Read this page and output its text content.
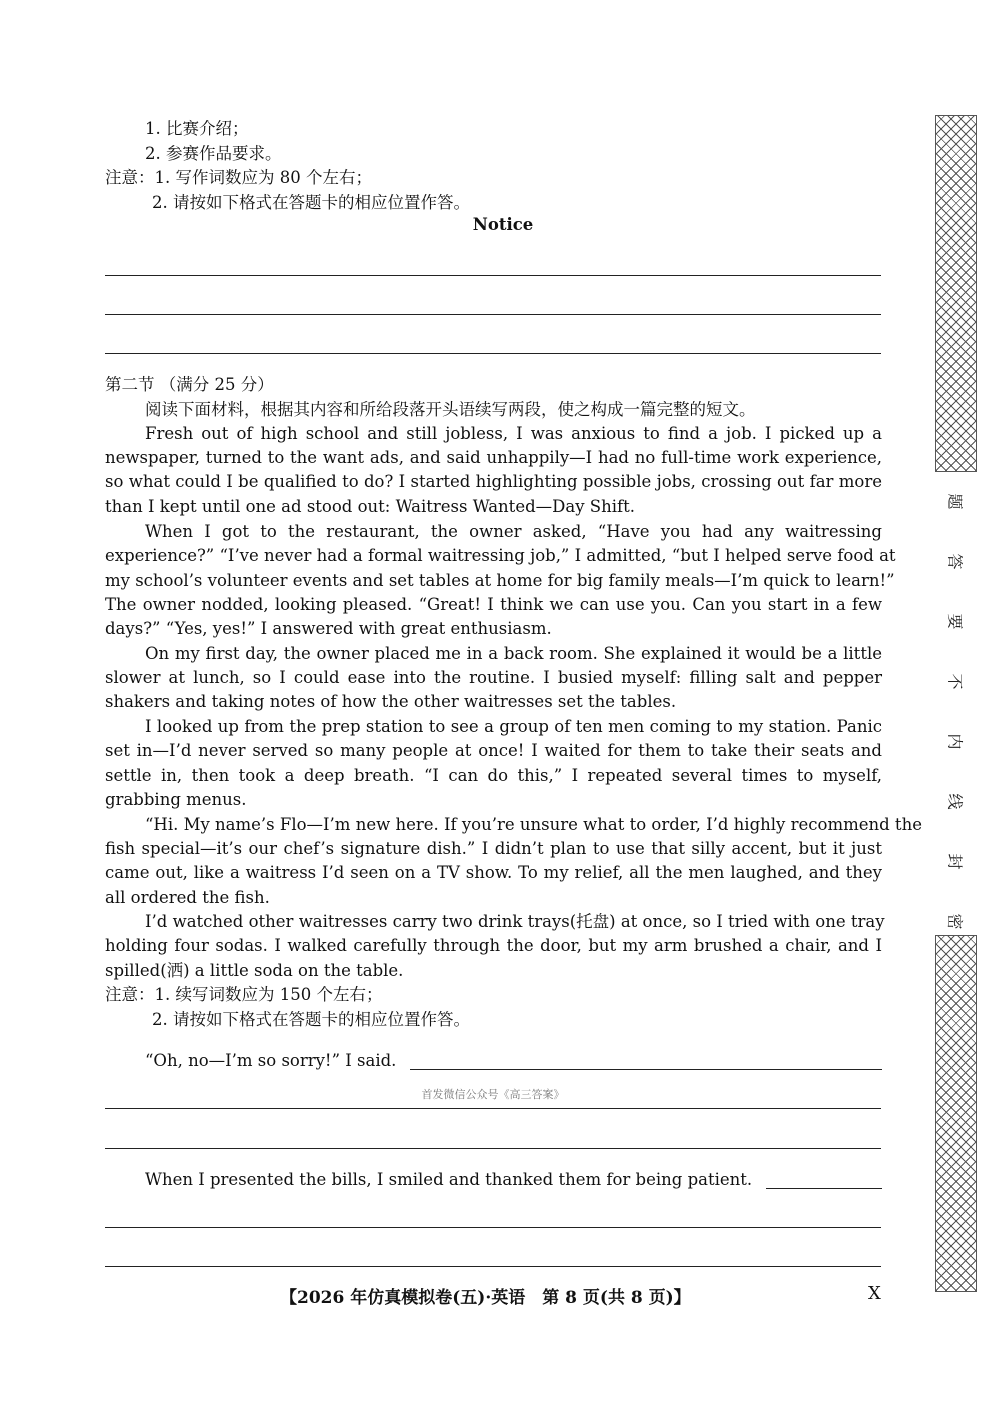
1. 比赛介绍；
2. 参赛作品要求。
注意：1. 写作词数应为 80 个左右；
2. 请按如下格式在答题卡的相应位置作答。
Notice
第二节 （满分 25 分）
阅读下面材料，根据其内容和所给段落开头语续写两段，使之构成一篇完整的短文。
Fresh out of high school and still jobless, I was anxious to find a job. I picked up a
newspaper, turned to the want ads, and said unhappily—I had no full-time work experience,
so what could I be qualified to do? I started highlighting possible jobs, crossing out far more
than I kept until one ad stood out: Waitress Wanted—Day Shift.
When I got to the restaurant, the owner asked, “Have you had any waitressing
experience?” “I’ve never had a formal waitressing job,” I admitted, “but I helped serve food at
my school’s volunteer events and set tables at home for big family meals—I’m quick to learn!”
The owner nodded, looking pleased. “Great! I think we can use you. Can you start in a few
days?” “Yes, yes!” I answered with great enthusiasm.
On my first day, the owner placed me in a back room. She explained it would be a little
slower at lunch, so I could ease into the routine. I busied myself: filling salt and pepper
shakers and taking notes of how the other waitresses set the tables.
I looked up from the prep station to see a group of ten men coming to my station. Panic
set in—I’d never served so many people at once! I waited for them to take their seats and
settle in, then took a deep breath. “I can do this,” I repeated several times to myself,
grabbing menus.
“Hi. My name’s Flo—I’m new here. If you’re unsure what to order, I’d highly recommend the
fish special—it’s our chef’s signature dish.” I didn’t plan to use that silly accent, but it just
came out, like a waitress I’d seen on a TV show. To my relief, all the men laughed, and they
all ordered the fish.
I’d watched other waitresses carry two drink trays(托盘) at once, so I tried with one tray
holding four sodas. I walked carefully through the door, but my arm brushed a chair, and I
spilled(洒) a little soda on the table.
注意：1. 续写词数应为 150 个左右；
2. 请按如下格式在答题卡的相应位置作答。
“Oh, no—I’m so sorry!” I said.
首发微信公众号《高三答案》
When I presented the bills, I smiled and thanked them for being patient.
【2026 年仿真模拟卷(五)·英语　第 8 页(共 8 页)】	X
题
答
要
不
内
线
封
密
